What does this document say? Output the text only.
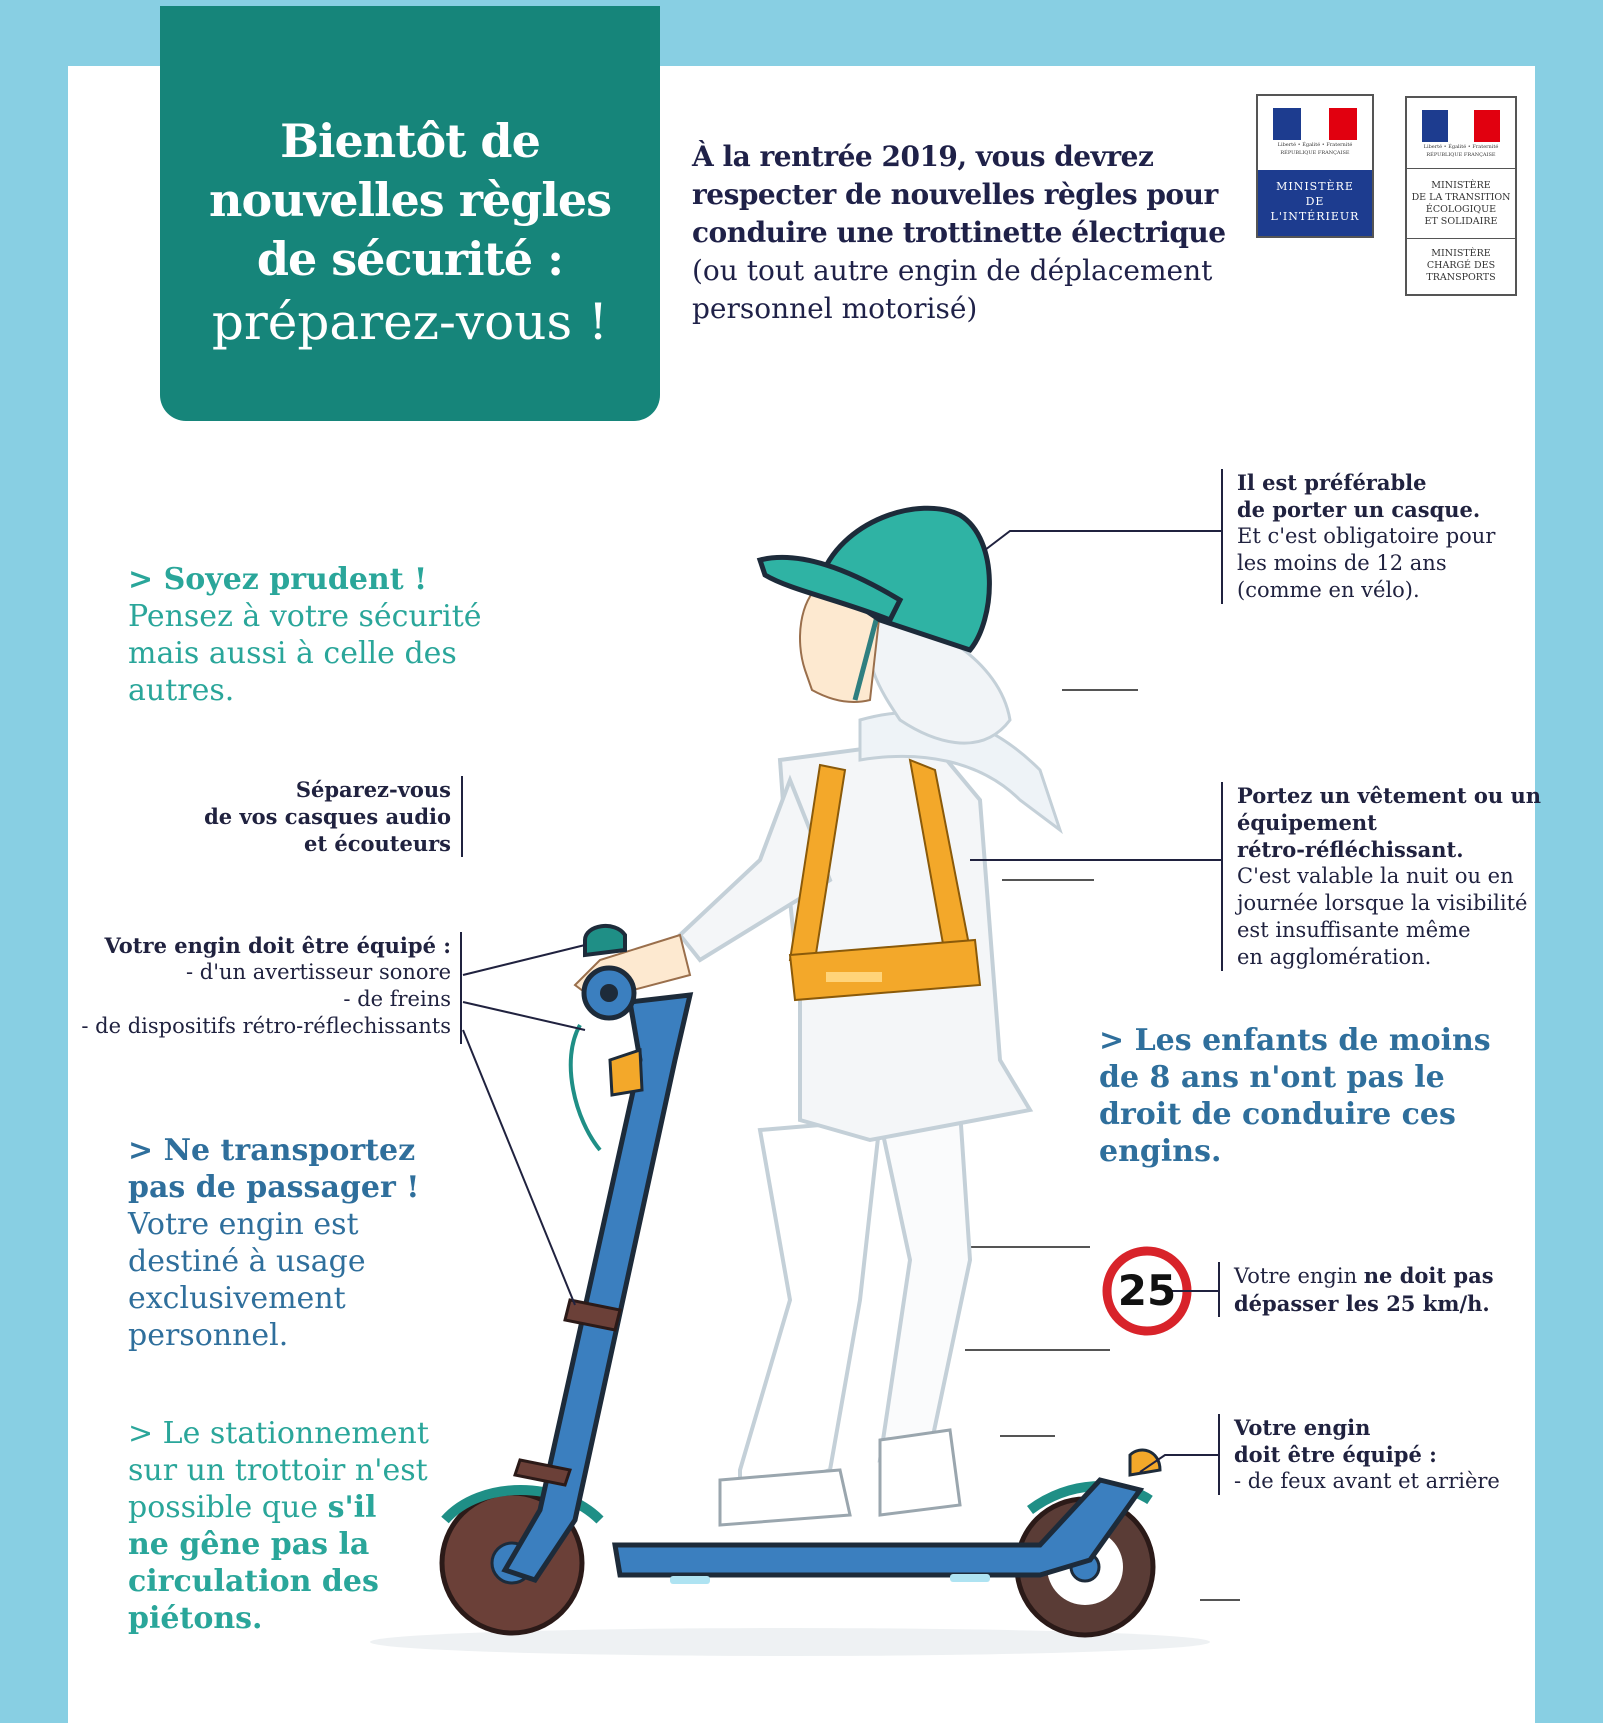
Bientôt de
nouvelles règles
de sécurité :
préparez-vous !
À la rentrée 2019, vous devrez
respecter de nouvelles règles pour
conduire une trottinette électrique
(ou tout autre engin de déplacement
personnel motorisé)
Liberté • Égalité • Fraternité
RÉPUBLIQUE FRANÇAISE
MINISTÈRE
DE
L'INTÉRIEUR
Liberté • Égalité • Fraternité
RÉPUBLIQUE FRANÇAISE
MINISTÈRE
DE LA TRANSITION
ÉCOLOGIQUE
ET SOLIDAIRE
MINISTÈRE
CHARGÉ DES
TRANSPORTS
> Soyez prudent !
Pensez à votre sécurité
mais aussi à celle des
autres.
Séparez-vous
de vos casques audio
et écouteurs
Votre engin doit être équipé :
- d'un avertisseur sonore
- de freins
- de dispositifs rétro-réflechissants
> Ne transportez
pas de passager !
Votre engin est
destiné à usage
exclusivement
personnel.
> Le stationnement
sur un trottoir n'est
possible que s'il
ne gêne pas la
circulation des
piétons.
Il est préférable
de porter un casque.
Et c'est obligatoire pour
les moins de 12 ans
(comme en vélo).
Portez un vêtement ou un
équipement
rétro-réfléchissant.
C'est valable la nuit ou en
journée lorsque la visibilité
est insuffisante même
en agglomération.
> Les enfants de moins
de 8 ans n'ont pas le
droit de conduire ces
engins.
25	Votre engin ne doit pas
dépasser les 25 km/h.
Votre engin
doit être équipé :
- de feux avant et arrière
